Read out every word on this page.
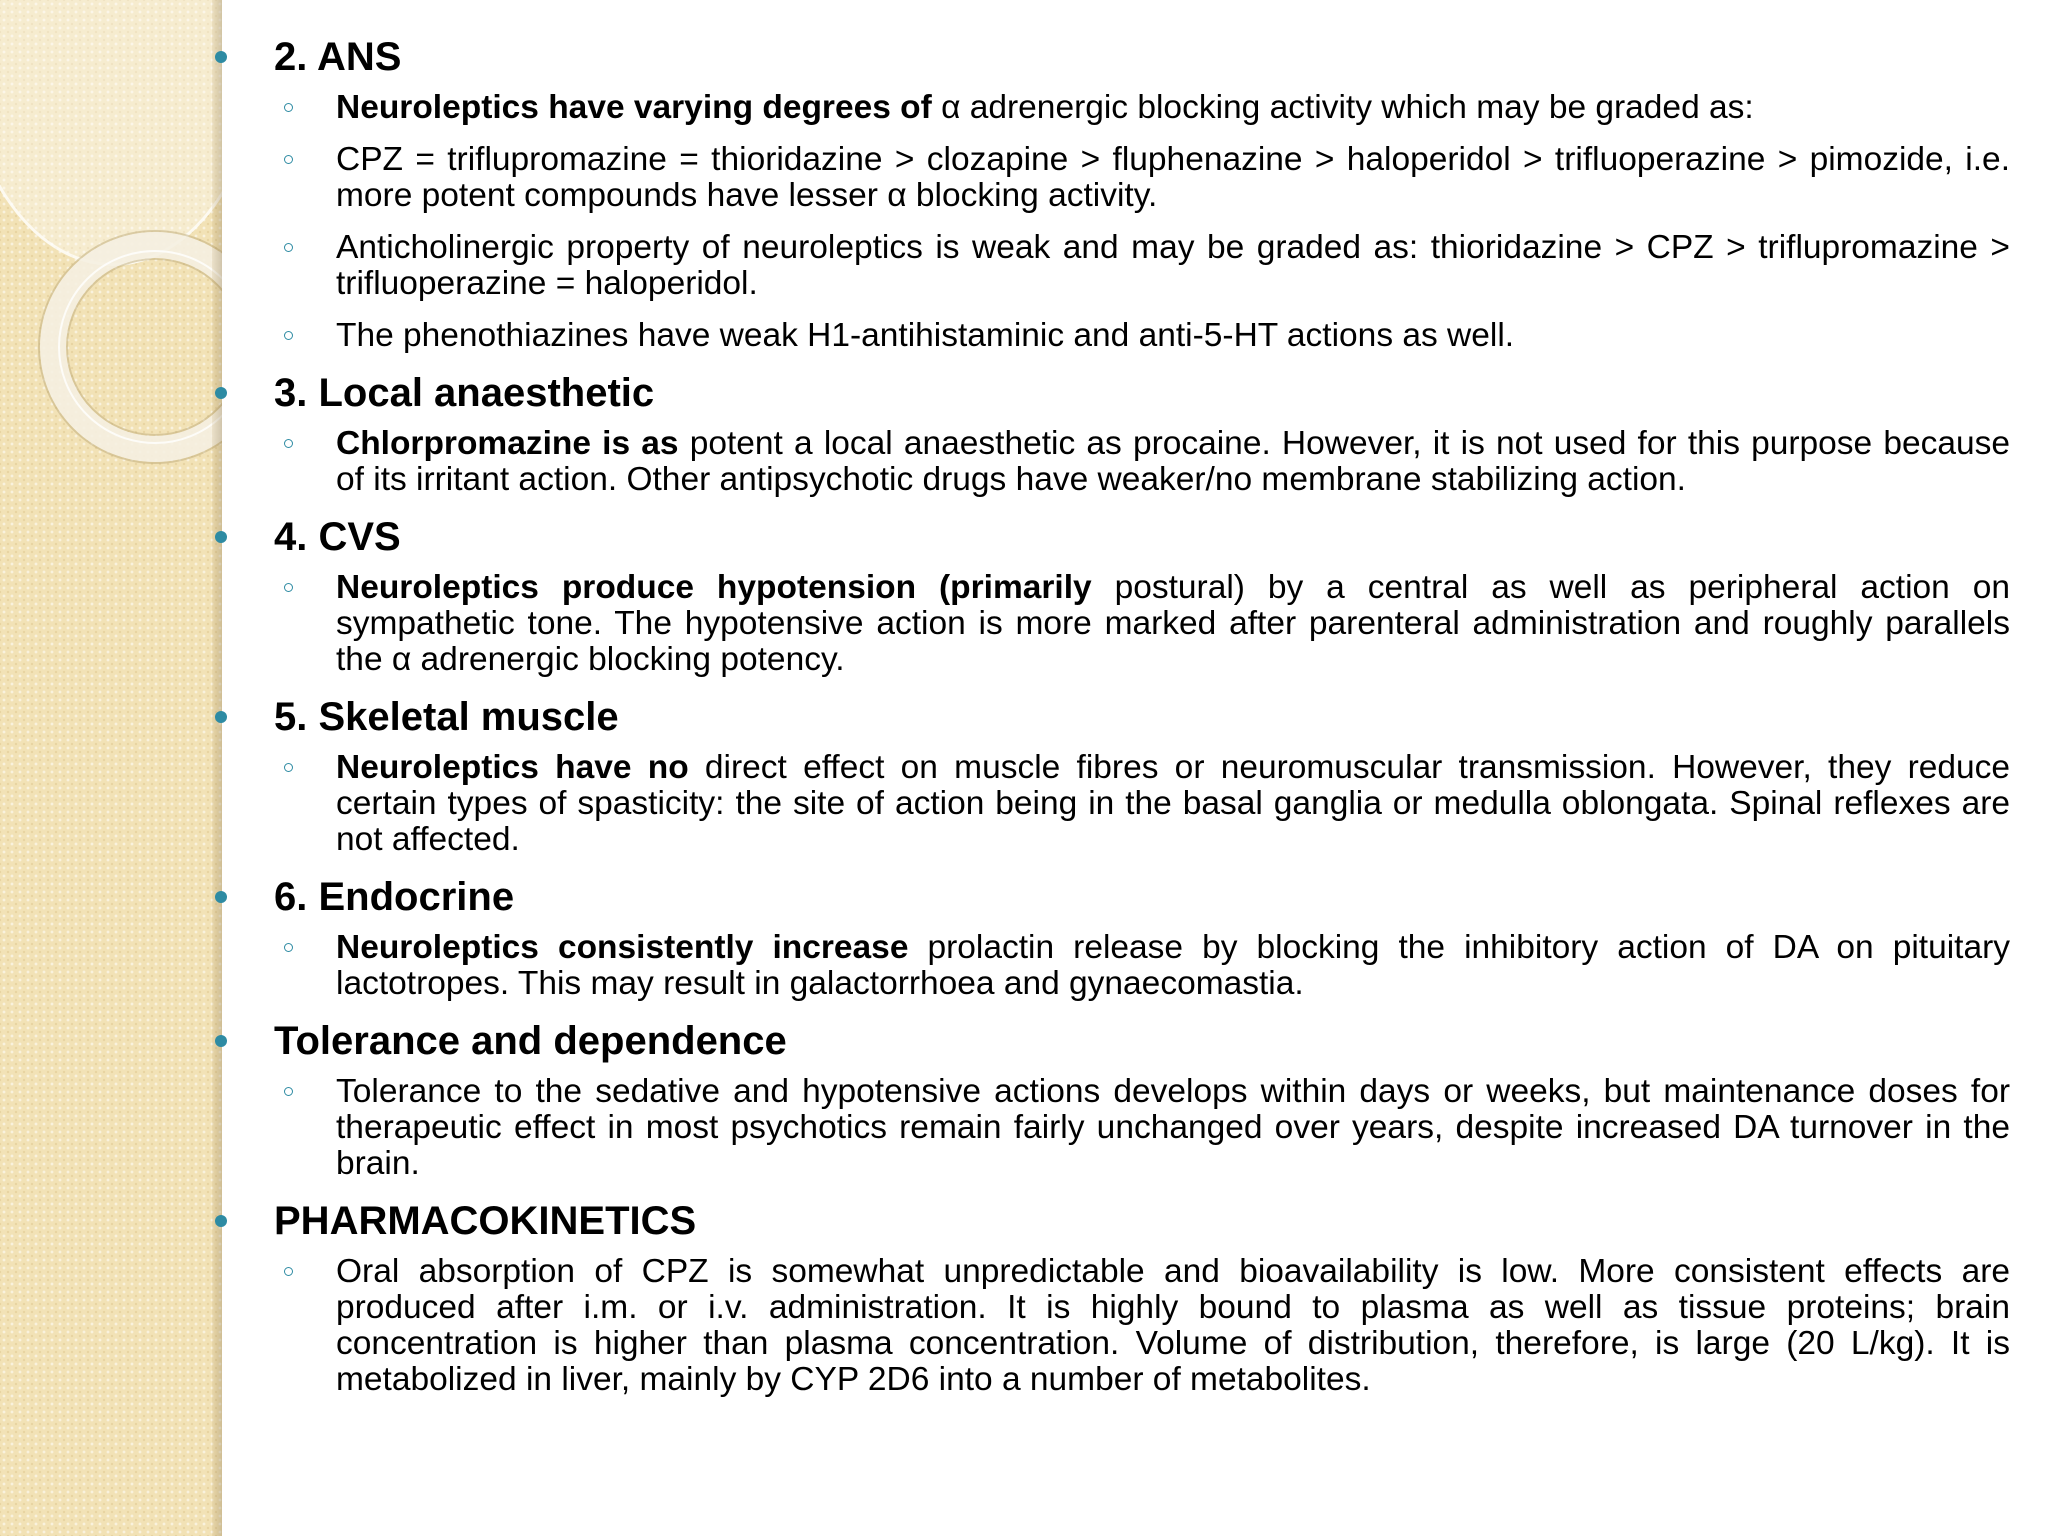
2. ANS
Neuroleptics have varying degrees of α adrenergic blocking activity which may be graded as:
CPZ = triflupromazine = thioridazine > clozapine > fluphenazine > haloperidol > trifluoperazine > pimozide, i.e. more potent compounds have lesser α blocking activity.
Anticholinergic property of neuroleptics is weak and may be graded as: thioridazine > CPZ > triflupromazine > trifluoperazine = haloperidol.
The phenothiazines have weak H1-antihistaminic and anti-5-HT actions as well.
3. Local anaesthetic
Chlorpromazine is as potent a local anaesthetic as procaine. However, it is not used for this purpose because of its irritant action. Other antipsychotic drugs have weaker/no membrane stabilizing action.
4. CVS
Neuroleptics produce hypotension (primarily postural) by a central as well as peripheral action on sympathetic tone. The hypotensive action is more marked after parenteral administration and roughly parallels the α adrenergic blocking potency.
5. Skeletal muscle
Neuroleptics have no direct effect on muscle fibres or neuromuscular transmission. However, they reduce certain types of spasticity: the site of action being in the basal ganglia or medulla oblongata. Spinal reflexes are not affected.
6. Endocrine
Neuroleptics consistently increase prolactin release by blocking the inhibitory action of DA on pituitary lactotropes. This may result in galactorrhoea and gynaecomastia.
Tolerance and dependence
Tolerance to the sedative and hypotensive actions develops within days or weeks, but maintenance doses for therapeutic effect in most psychotics remain fairly unchanged over years, despite increased DA turnover in the brain.
PHARMACOKINETICS
Oral absorption of CPZ is somewhat unpredictable and bioavailability is low. More consistent effects are produced after i.m. or i.v. administration. It is highly bound to plasma as well as tissue proteins; brain concentration is higher than plasma concentration. Volume of distribution, therefore, is large (20 L/kg). It is metabolized in liver, mainly by CYP 2D6 into a number of metabolites.
